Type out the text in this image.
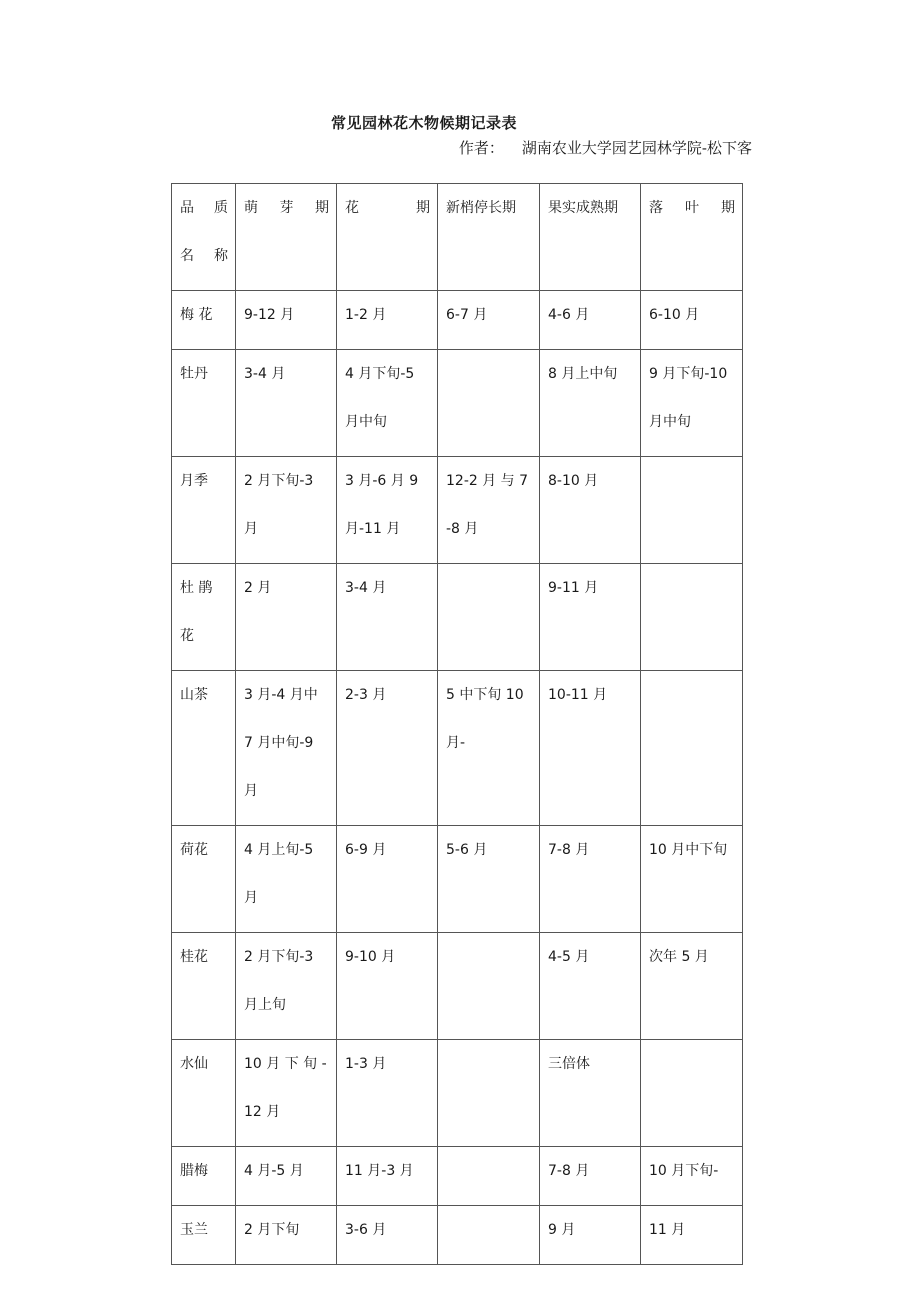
常见园林花木物候期记录表
作者： 湖南农业大学园艺园林学院-松下客
品 质 名 称	萌 芽 期	花 期	新梢停长期	果实成熟期	落 叶 期

梅 花	9-12 月	1-2 月	6-7 月	4-6 月	6-10 月

牡丹	3-4 月	4 月下旬-5 月中旬		8 月上中旬	9 月下旬-10 月中旬

月季	2 月下旬-3 月	3 月-6 月 9 月-11 月	12-2 月 与 7-8 月	8-10 月	

杜 鹃 花	2 月	3-4 月		9-11 月	

山茶	3 月-4 月中 7 月中旬-9 月	2-3 月	5 中下旬 10 月-	10-11 月	

荷花	4 月上旬-5 月	6-9 月	5-6 月	7-8 月	10 月中下旬

桂花	2 月下旬-3 月上旬	9-10 月		4-5 月	次年 5 月

水仙	10 月 下 旬 -12 月	1-3 月		三倍体	

腊梅	4 月-5 月	11 月-3 月		7-8 月	10 月下旬-

玉兰	2 月下旬	3-6 月		9 月	11 月
